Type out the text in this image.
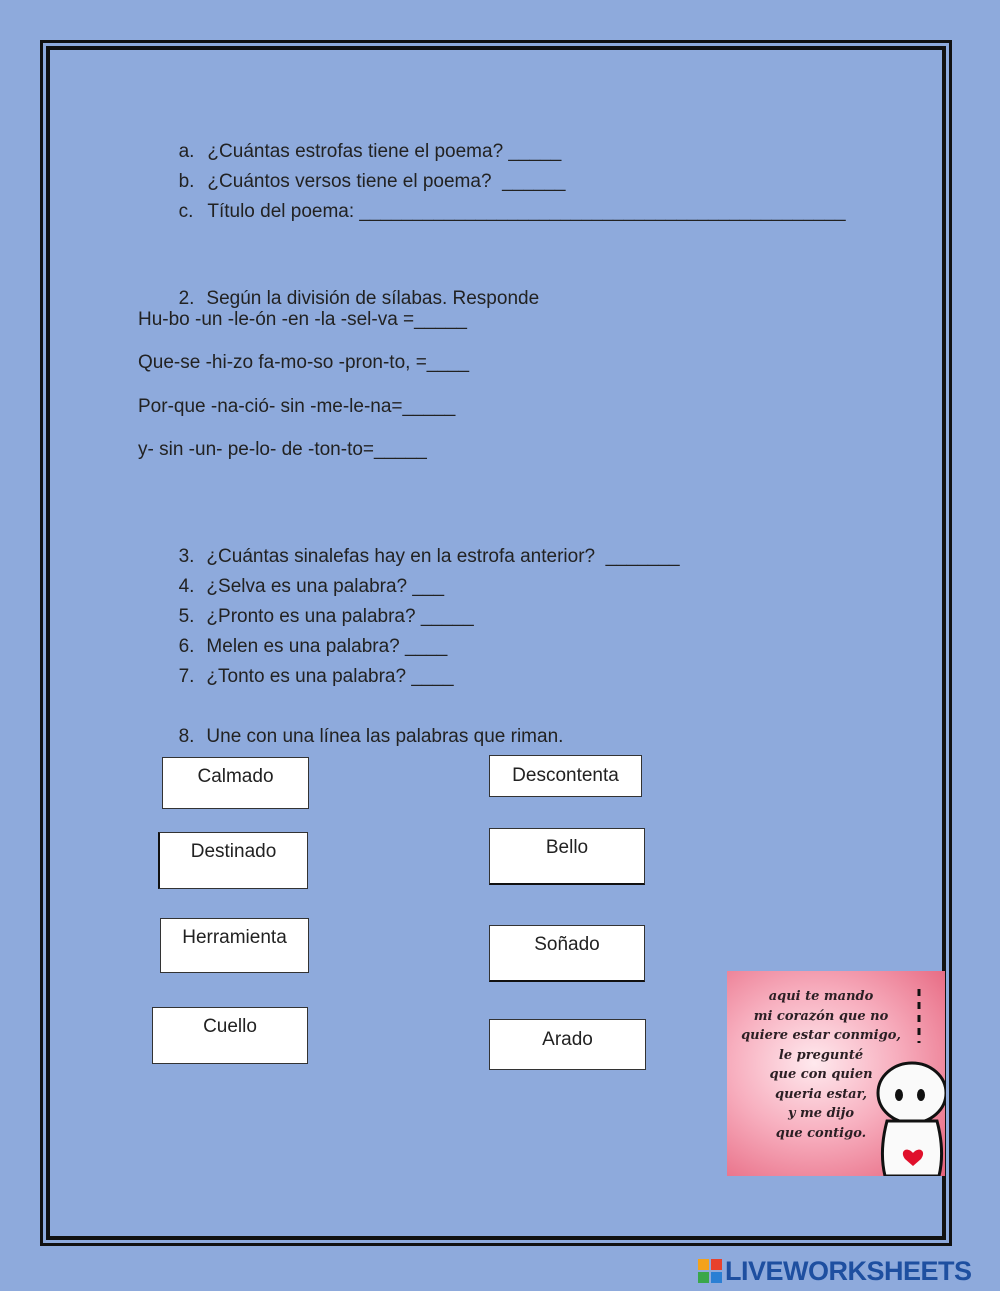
a. ¿Cuántas estrofas tiene el poema? _____

b. ¿Cuántos versos tiene el poema?  ______

c. Título del poema: ______________________________________________

2. Según la división de sílabas. Responde

Hu-bo -un -le-ón -en -la -sel-va =_____
Que-se -hi-zo fa-mo-so -pron-to, =____
Por-que -na-ció- sin -me-le-na=_____
y- sin -un- pe-lo- de -ton-to=_____

3. ¿Cuántas sinalefas hay en la estrofa anterior?  _______

4. ¿Selva es una palabra? ___

5. ¿Pronto es una palabra? _____

6. Melen es una palabra? ____

7. ¿Tonto es una palabra? ____

8. Une con una línea las palabras que riman.

Calmado
Destinado
Herramienta
Cuello
Descontenta
Bello
Soñado
Arado
aqui te mando
mi corazón que no
quiere estar conmigo,
le pregunté
que con quien
queria estar,
y me dijo
que contigo.
LIVEWORKSHEETS
